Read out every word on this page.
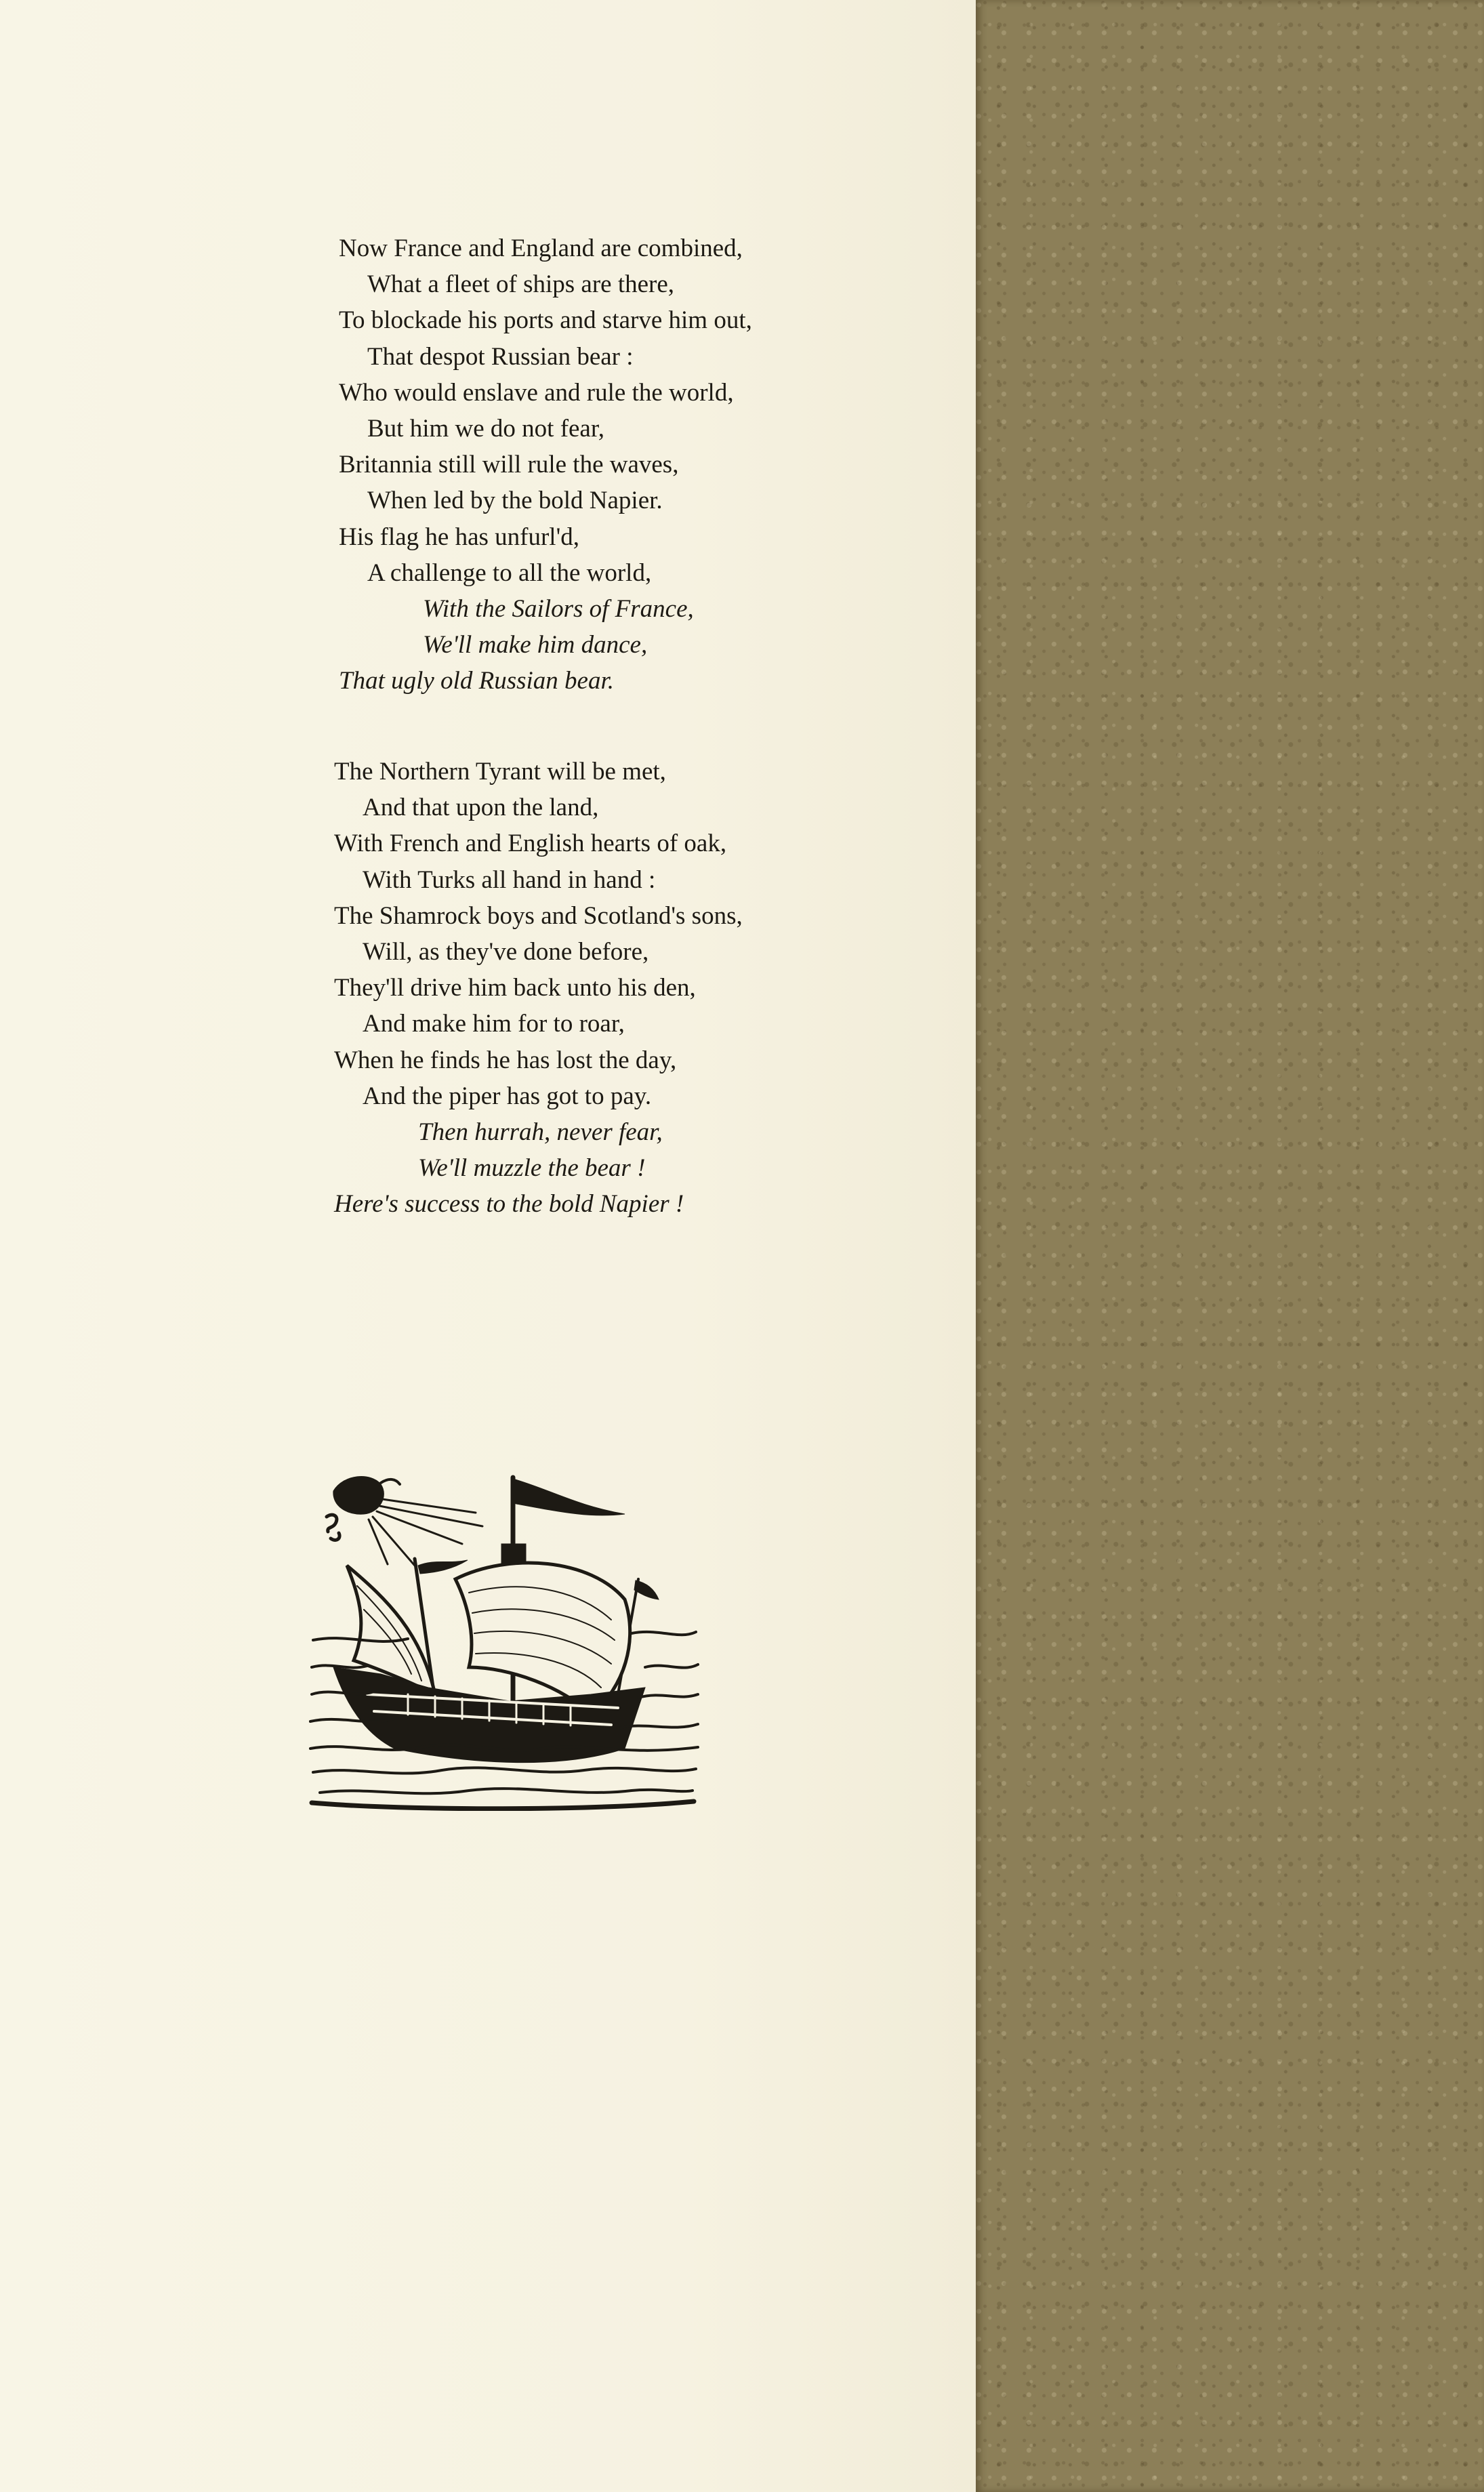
Now France and England are combined,
What a fleet of ships are there,
To blockade his ports and starve him out,
That despot Russian bear :
Who would enslave and rule the world,
But him we do not fear,
Britannia still will rule the waves,
When led by the bold Napier.
His flag he has unfurl'd,
A challenge to all the world,
With the Sailors of France,
We'll make him dance,
That ugly old Russian bear.
The Northern Tyrant will be met,
And that upon the land,
With French and English hearts of oak,
With Turks all hand in hand :
The Shamrock boys and Scotland's sons,
Will, as they've done before,
They'll drive him back unto his den,
And make him for to roar,
When he finds he has lost the day,
And the piper has got to pay.
Then hurrah, never fear,
We'll muzzle the bear !
Here's success to the bold Napier !
